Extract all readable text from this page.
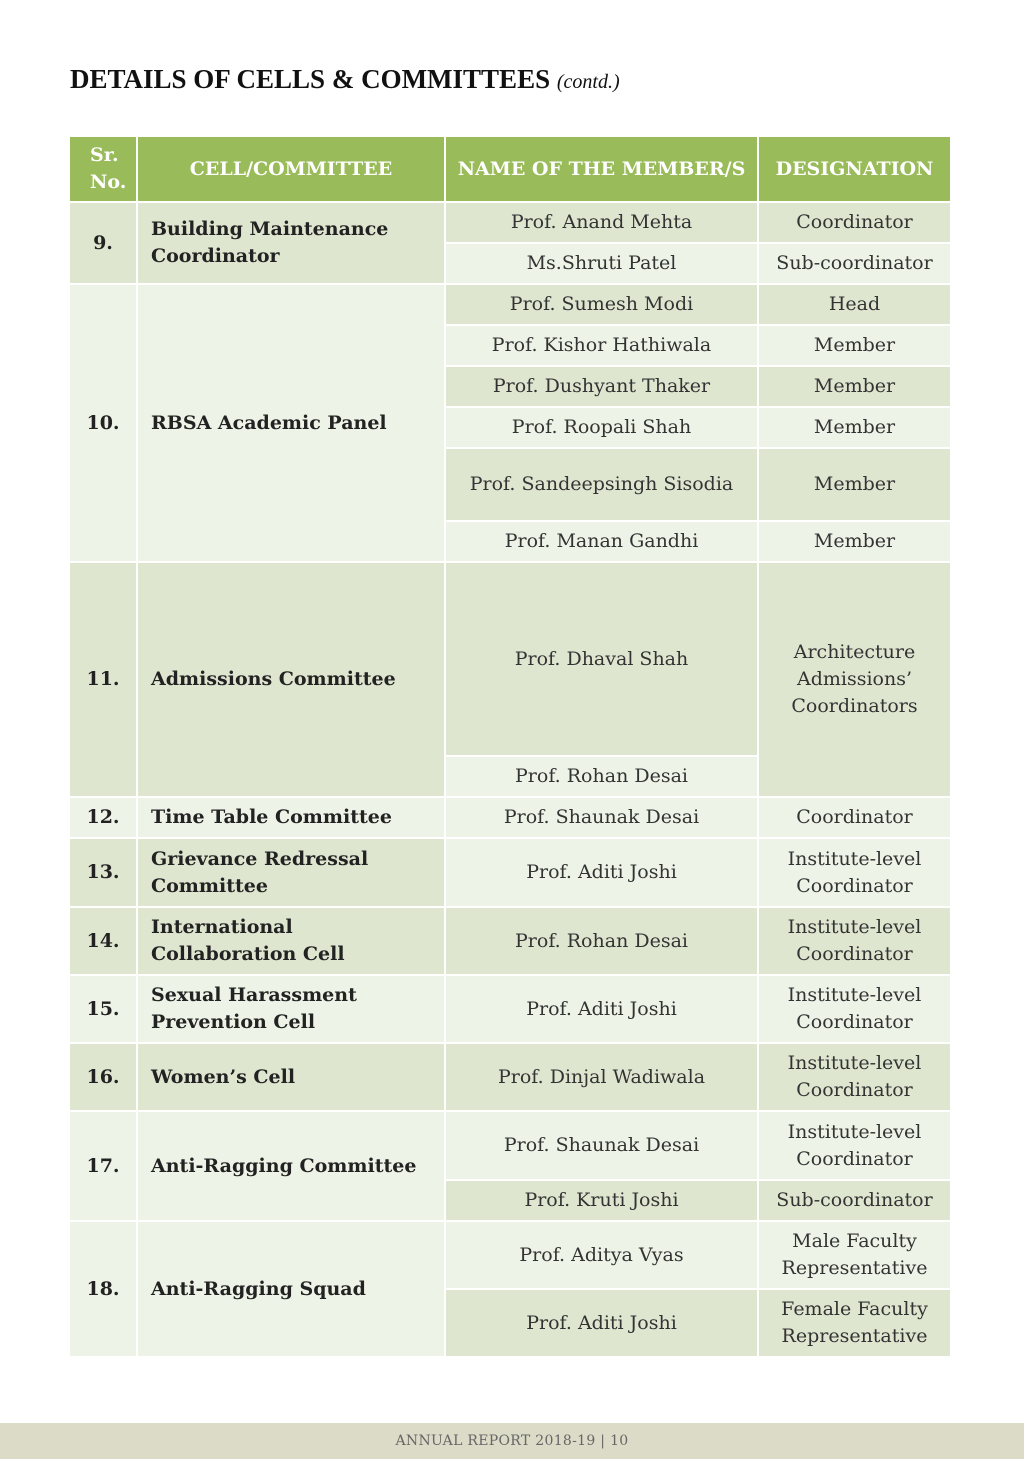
DETAILS OF CELLS & COMMITTEES (contd.)
Sr. No.	CELL/COMMITTEE	NAME OF THE MEMBER/S	DESIGNATION
9.	Building Maintenance Coordinator	Prof. Anand Mehta	Coordinator
		Ms.Shruti Patel	Sub-coordinator
10.	RBSA Academic Panel	Prof. Sumesh Modi	Head
		Prof. Kishor Hathiwala	Member
		Prof. Dushyant Thaker	Member
		Prof. Roopali Shah	Member
		Prof. Sandeepsingh Sisodia	Member
		Prof. Manan Gandhi	Member
11.	Admissions Committee	Prof. Dhaval Shah	Architecture Admissions’ Coordinators
		Prof. Rohan Desai	
12.	Time Table Committee	Prof. Shaunak Desai	Coordinator
13.	Grievance Redressal Committee	Prof. Aditi Joshi	Institute-level Coordinator
14.	International Collaboration Cell	Prof. Rohan Desai	Institute-level Coordinator
15.	Sexual Harassment Prevention Cell	Prof. Aditi Joshi	Institute-level Coordinator
16.	Women’s Cell	Prof. Dinjal Wadiwala	Institute-level Coordinator
17.	Anti-Ragging Committee	Prof. Shaunak Desai	Institute-level Coordinator
		Prof. Kruti Joshi	Sub-coordinator
18.	Anti-Ragging Squad	Prof. Aditya Vyas	Male Faculty Representative
		Prof. Aditi Joshi	Female Faculty Representative
ANNUAL REPORT 2018-19 | 10
